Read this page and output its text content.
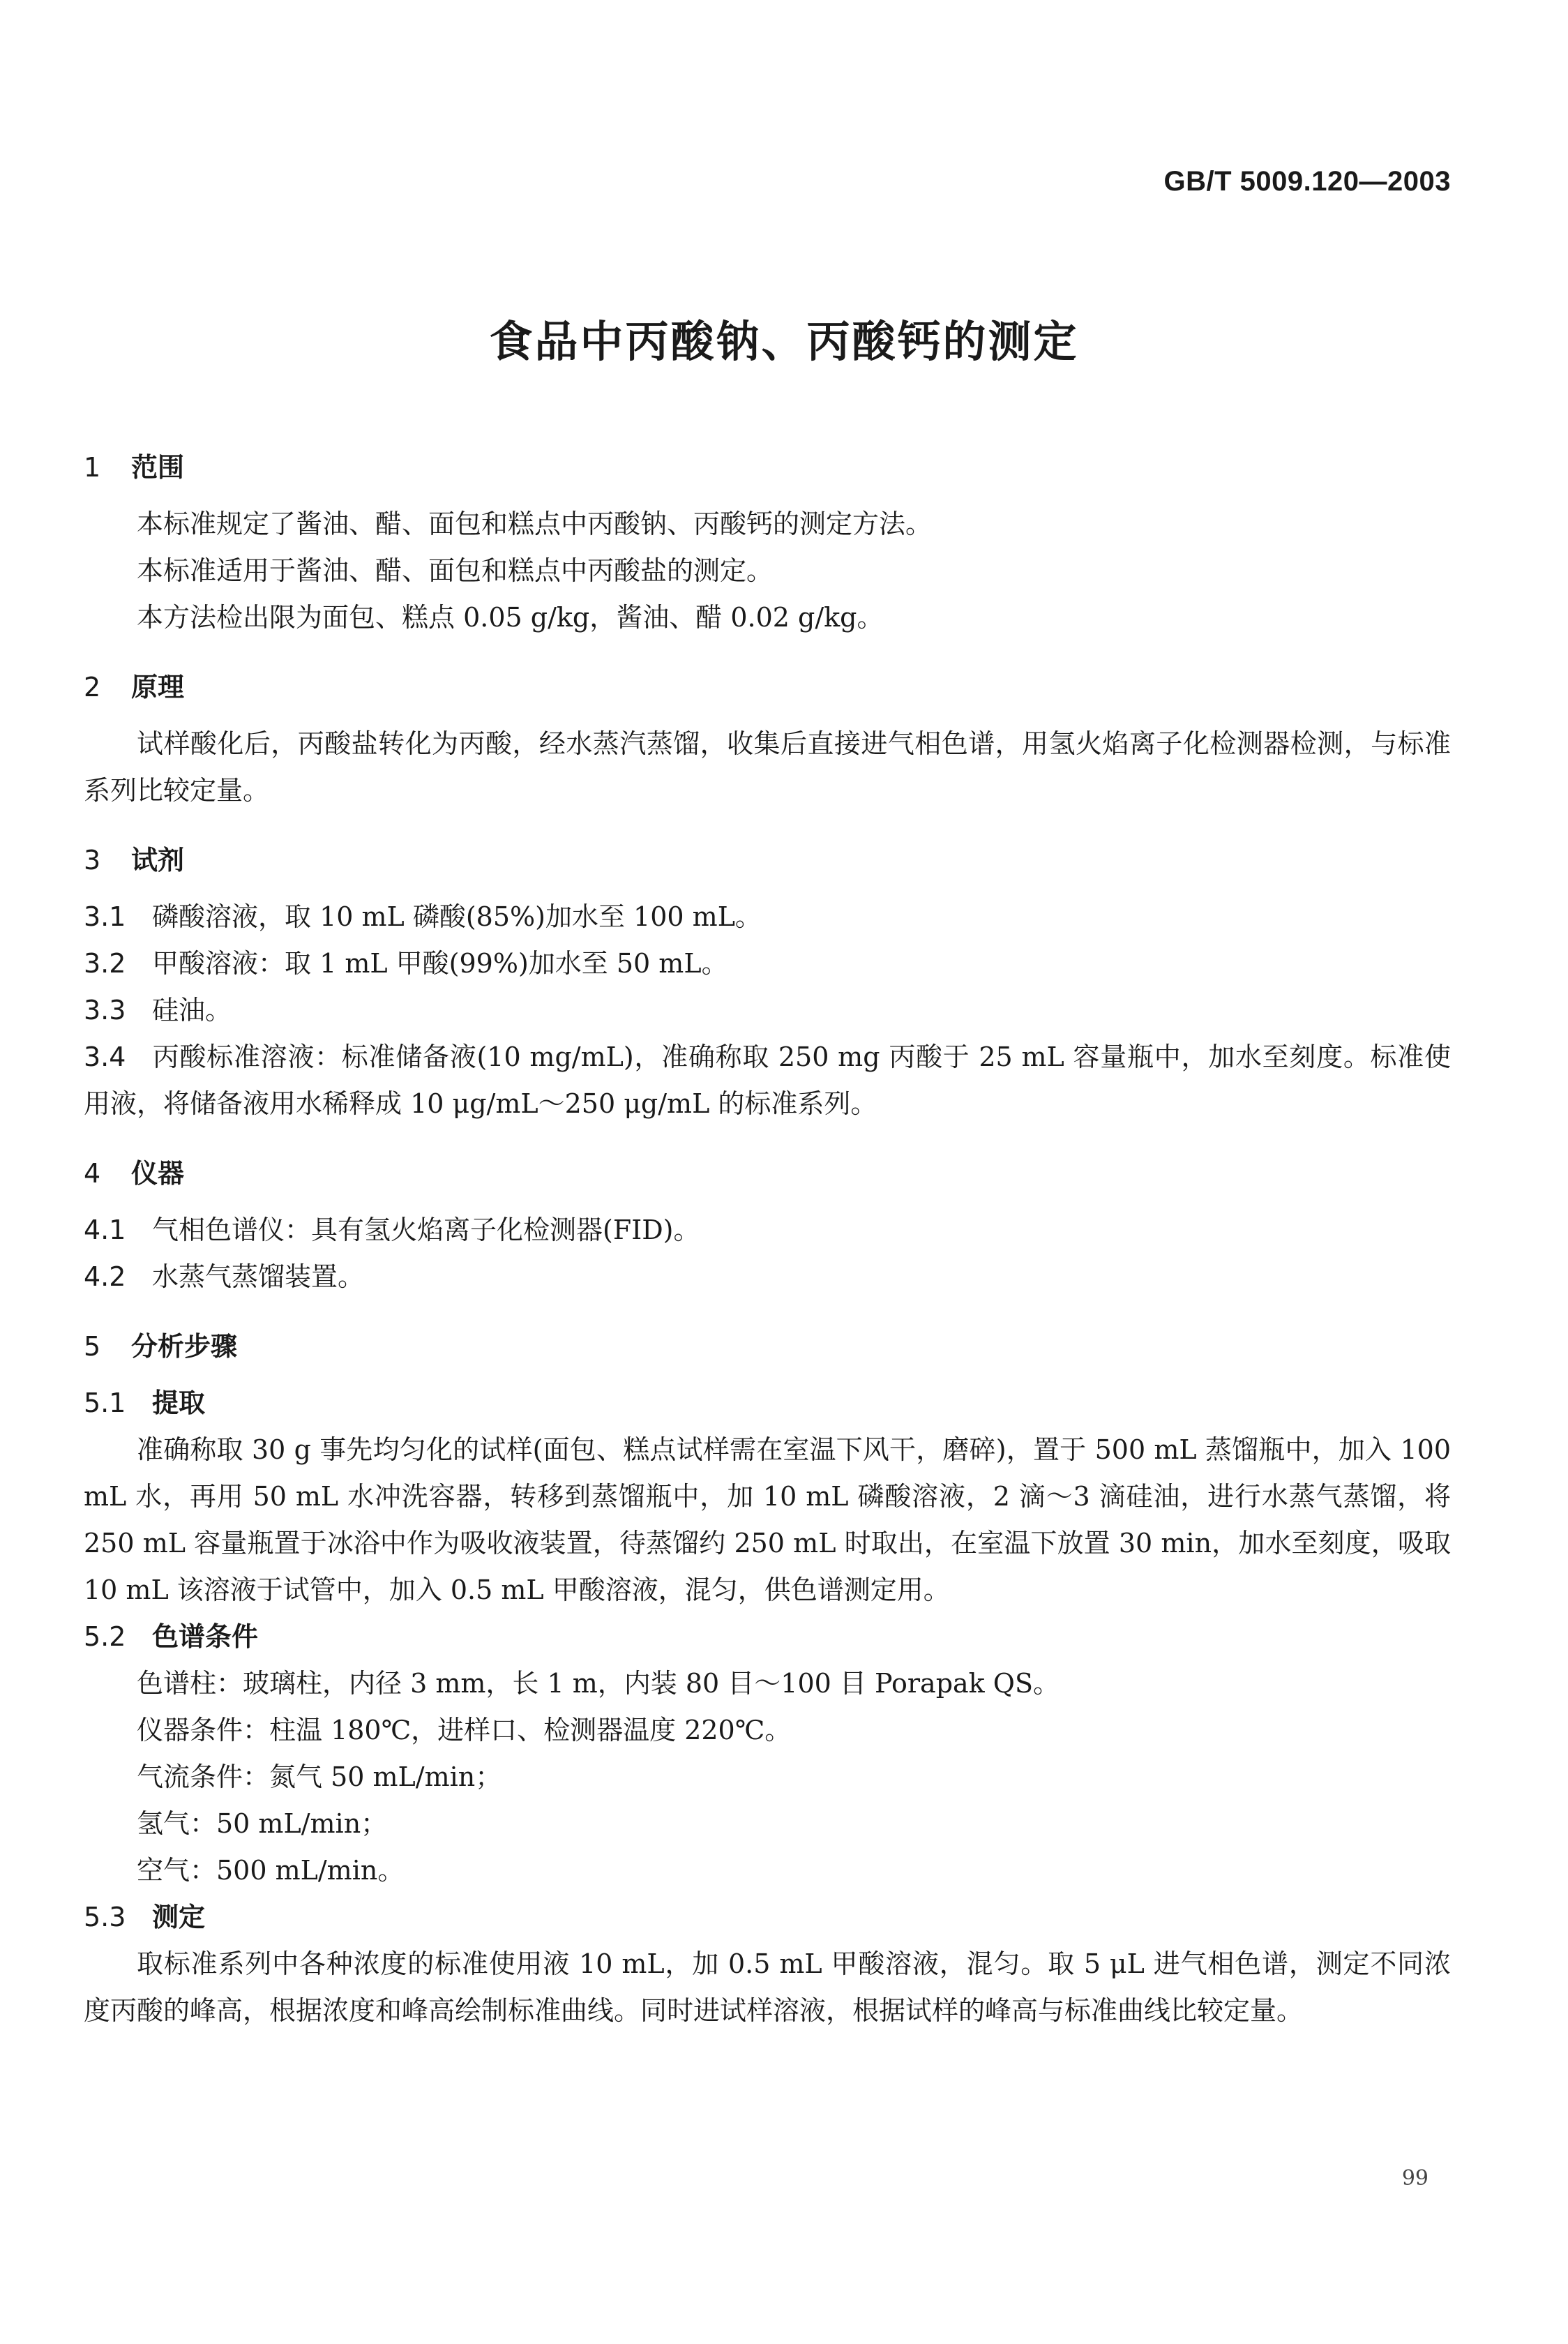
GB/T 5009.120—2003
食品中丙酸钠、丙酸钙的测定

1 范围

本标准规定了酱油、醋、面包和糕点中丙酸钠、丙酸钙的测定方法。

本标准适用于酱油、醋、面包和糕点中丙酸盐的测定。

本方法检出限为面包、糕点 0.05 g/kg，酱油、醋 0.02 g/kg。

2 原理

试样酸化后，丙酸盐转化为丙酸，经水蒸汽蒸馏，收集后直接进气相色谱，用氢火焰离子化检测器检测，与标准系列比较定量。

3 试剂

3.1 磷酸溶液，取 10 mL 磷酸(85%)加水至 100 mL。

3.2 甲酸溶液：取 1 mL 甲酸(99%)加水至 50 mL。

3.3 硅油。

3.4 丙酸标准溶液：标准储备液(10 mg/mL)，准确称取 250 mg 丙酸于 25 mL 容量瓶中，加水至刻度。标准使用液，将储备液用水稀释成 10 μg/mL～250 μg/mL 的标准系列。

4 仪器

4.1 气相色谱仪：具有氢火焰离子化检测器(FID)。

4.2 水蒸气蒸馏装置。

5 分析步骤

5.1 提取

准确称取 30 g 事先均匀化的试样(面包、糕点试样需在室温下风干，磨碎)，置于 500 mL 蒸馏瓶中，加入 100 mL 水，再用 50 mL 水冲洗容器，转移到蒸馏瓶中，加 10 mL 磷酸溶液，2 滴～3 滴硅油，进行水蒸气蒸馏，将 250 mL 容量瓶置于冰浴中作为吸收液装置，待蒸馏约 250 mL 时取出，在室温下放置 30 min，加水至刻度，吸取 10 mL 该溶液于试管中，加入 0.5 mL 甲酸溶液，混匀，供色谱测定用。

5.2 色谱条件

色谱柱：玻璃柱，内径 3 mm，长 1 m，内装 80 目～100 目 Porapak QS。

仪器条件：柱温 180℃，进样口、检测器温度 220℃。

气流条件：氮气 50 mL/min；

氢气：50 mL/min；

空气：500 mL/min。

5.3 测定

取标准系列中各种浓度的标准使用液 10 mL，加 0.5 mL 甲酸溶液，混匀。取 5 μL 进气相色谱，测定不同浓度丙酸的峰高，根据浓度和峰高绘制标准曲线。同时进试样溶液，根据试样的峰高与标准曲线比较定量。

99
